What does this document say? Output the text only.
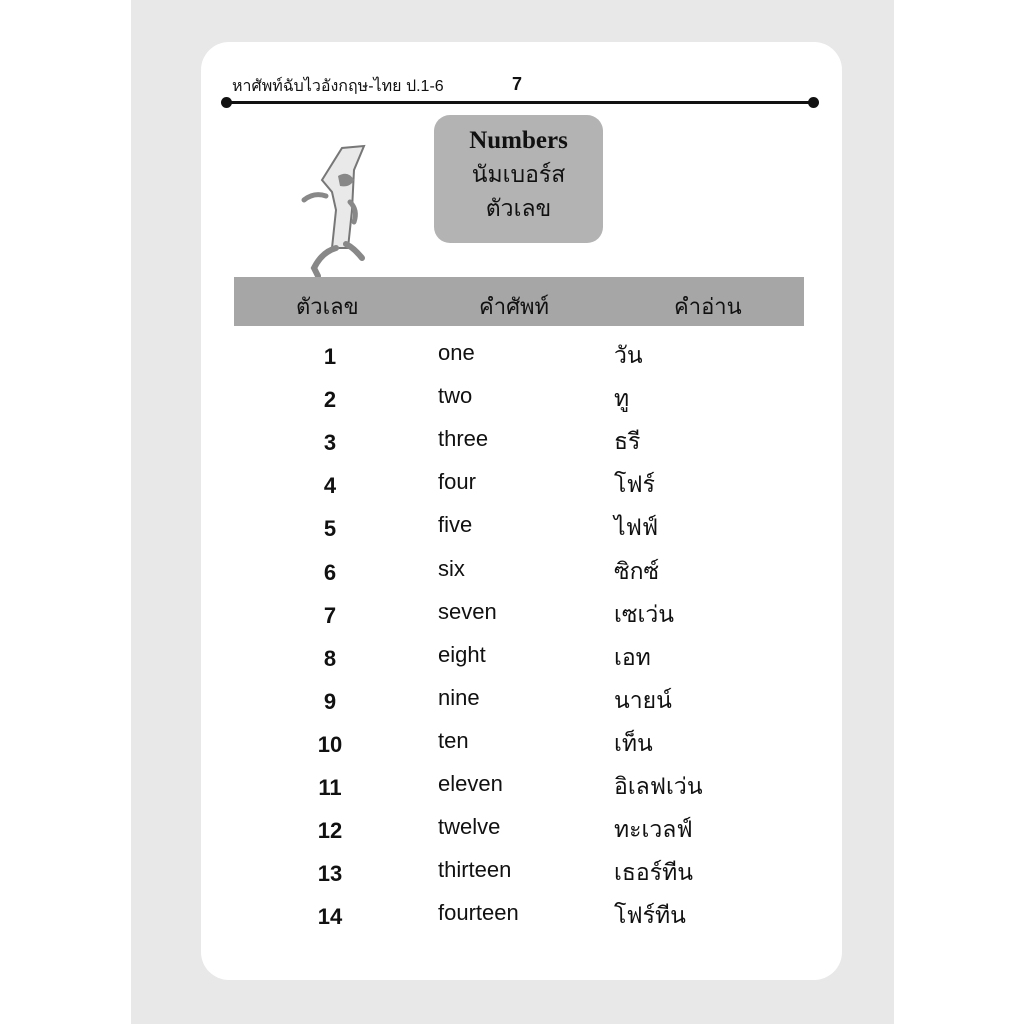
หาศัพท์ฉับไวอังกฤษ-ไทย ป.1-6	7
Numbers
นัมเบอร์ส
ตัวเลข
ตัวเลข	คำศัพท์	คำอ่าน
1	one	วัน
2	two	ทู
3	three	ธรี
4	four	โฟร์
5	five	ไฟฟ์
6	six	ซิกซ์
7	seven	เซเว่น
8	eight	เอท
9	nine	นายน์
10	ten	เท็น
11	eleven	อิเลฟเว่น
12	twelve	ทะเวลฟ์
13	thirteen	เธอร์ทีน
14	fourteen	โฟร์ทีน
